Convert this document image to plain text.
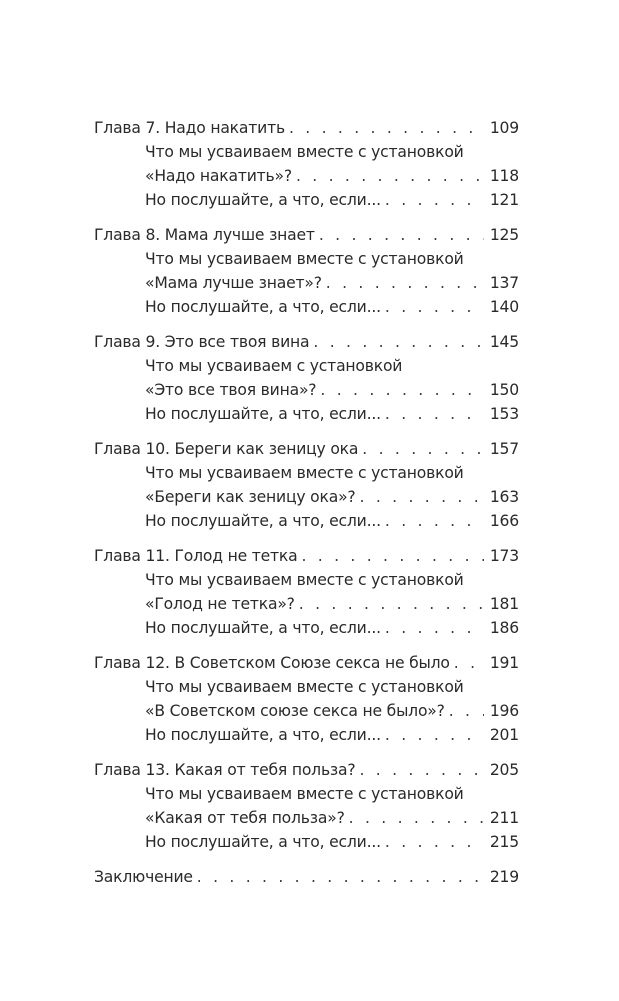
Глава 7. Надо накатить . . .	109
Что мы усваиваем вместе с установкой
«Надо накатить»? . . .	118
Но послушайте, а что, если... . . .	121
Глава 8. Мама лучше знает . . .	125
Что мы усваиваем вместе с установкой
«Мама лучше знает»? . . .	137
Но послушайте, а что, если... . . .	140
Глава 9. Это все твоя вина . . .	145
Что мы усваиваем с установкой
«Это все твоя вина»? . . .	150
Но послушайте, а что, если... . . .	153
Глава 10. Береги как зеницу ока . . .	157
Что мы усваиваем вместе с установкой
«Береги как зеницу ока»? . . .	163
Но послушайте, а что, если... . . .	166
Глава 11. Голод не тетка . . .	173
Что мы усваиваем вместе с установкой
«Голод не тетка»? . . .	181
Но послушайте, а что, если... . . .	186
Глава 12. В Советском Союзе секса не было . . .	191
Что мы усваиваем вместе с установкой
«В Советском союзе секса не было»? . . .	196
Но послушайте, а что, если... . . .	201
Глава 13. Какая от тебя польза? . . .	205
Что мы усваиваем вместе с установкой
«Какая от тебя польза»? . . .	211
Но послушайте, а что, если... . . .	215
Заключение . . .	219
